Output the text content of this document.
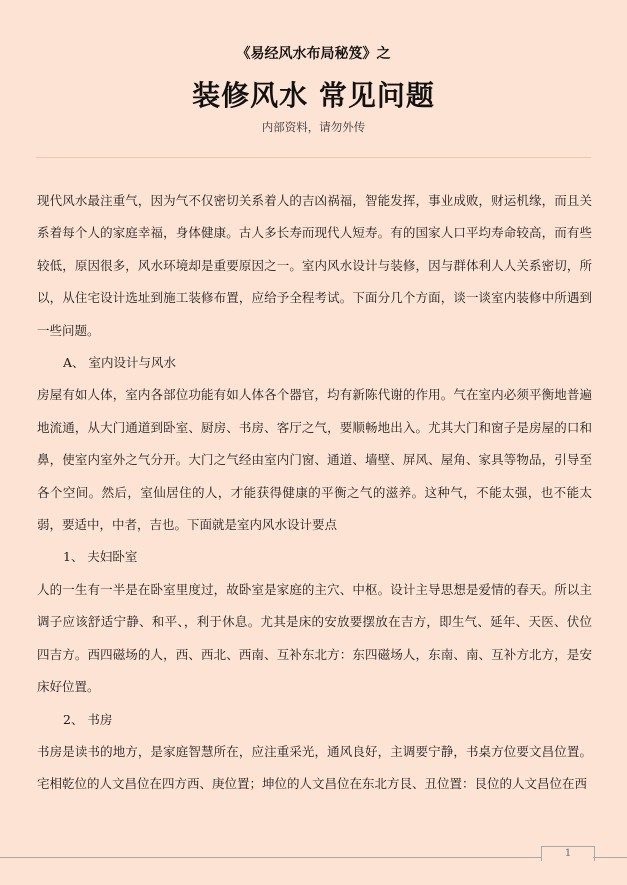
《易经风水布局秘笈》之
装修风水 常见问题
内部资料，请勿外传

现代风水最注重气，因为气不仅密切关系着人的吉凶祸福，智能发挥，事业成败，财运机缘，而且关系着每个人的家庭幸福，身体健康。古人多长寿而现代人短寿。有的国家人口平均寿命较高，而有些较低，原因很多，风水环境却是重要原因之一。室内风水设计与装修，因与群体利人人关系密切，所以，从住宅设计选址到施工装修布置，应给予全程考试。下面分几个方面，谈一谈室内装修中所遇到一些问题。

A、 室内设计与风水

房屋有如人体，室内各部位功能有如人体各个器官，均有新陈代谢的作用。气在室内必须平衡地普遍地流通，从大门通道到卧室、厨房、书房、客厅之气，要顺畅地出入。尤其大门和窗子是房屋的口和鼻，使室内室外之气分开。大门之气经由室内门窗、通道、墙壁、屏风、屋角、家具等物品，引导至各个空间。然后，室仙居住的人，才能获得健康的平衡之气的滋养。这种气，不能太强，也不能太弱，要适中，中者，吉也。下面就是室内风水设计要点

1、 夫妇卧室

人的一生有一半是在卧室里度过，故卧室是家庭的主穴、中枢。设计主导思想是爱情的春天。所以主调子应该舒适宁静、和平、，利于休息。尤其是床的安放要摆放在吉方，即生气、延年、天医、伏位四吉方。西四磁场的人，西、西北、西南、互补东北方：东四磁场人，东南、南、互补方北方，是安床好位置。

2、 书房

书房是读书的地方，是家庭智慧所在，应注重采光，通风良好，主调要宁静，书桌方位要文昌位置。宅相乾位的人文昌位在四方西、庚位置；坤位的人文昌位在东北方艮、丑位置：艮位的人文昌位在西

1
